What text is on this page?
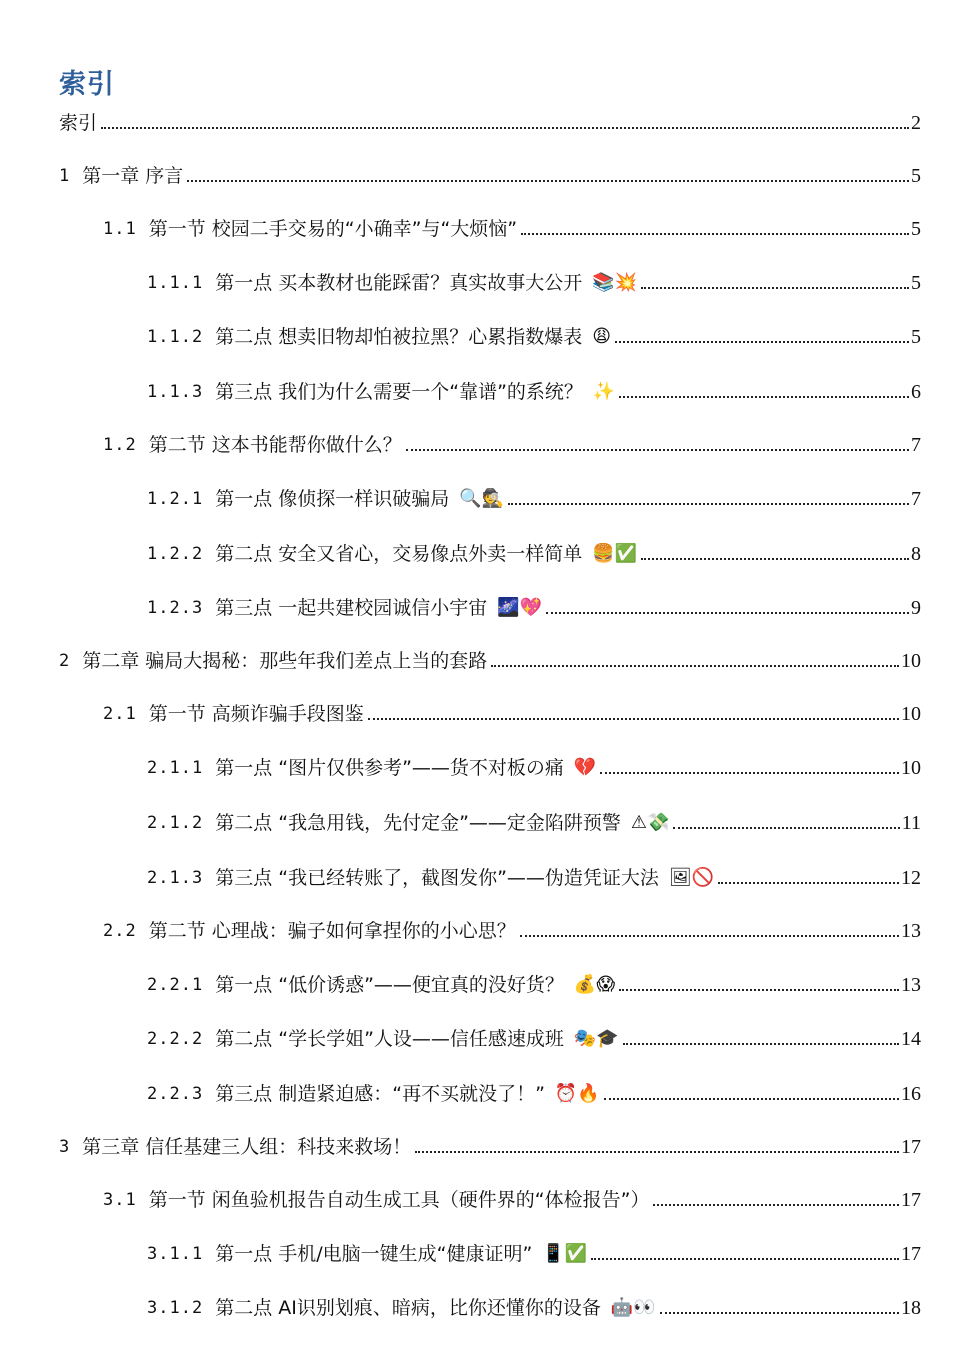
索引
索引	2
1 第一章 序言	5
1.1 第一节 校园二手交易的“小确幸”与“大烦恼”	5
1.1.1 第一点 买本教材也能踩雷？真实故事大公开 📚💥	5
1.1.2 第二点 想卖旧物却怕被拉黑？心累指数爆表 😩	5
1.1.3 第三点 我们为什么需要一个“靠谱”的系统？ ✨	6
1.2 第二节 这本书能帮你做什么？	7
1.2.1 第一点 像侦探一样识破骗局 🔍🕵	7
1.2.2 第二点 安全又省心，交易像点外卖一样简单 🍔✅	8
1.2.3 第三点 一起共建校园诚信小宇宙 🌌💖	9
2 第二章 骗局大揭秘：那些年我们差点上当的套路	10
2.1 第一节 高频诈骗手段图鉴	10
2.1.1 第一点 “图片仅供参考”——货不对板の痛 💔	10
2.1.2 第二点 “我急用钱，先付定金”——定金陷阱预警 ⚠💸	11
2.1.3 第三点 “我已经转账了，截图发你”——伪造凭证大法 🖼🚫	12
2.2 第二节 心理战：骗子如何拿捏你的小心思？	13
2.2.1 第一点 “低价诱惑”——便宜真的没好货？ 💰😱	13
2.2.2 第二点 “学长学姐”人设——信任感速成班 🎭🎓	14
2.2.3 第三点 制造紧迫感：“再不买就没了！” ⏰🔥	16
3 第三章 信任基建三人组：科技来救场！	17
3.1 第一节 闲鱼验机报告自动生成工具（硬件界的“体检报告”）	17
3.1.1 第一点 手机/电脑一键生成“健康证明” 📱✅	17
3.1.2 第二点 AI识别划痕、暗病，比你还懂你的设备 🤖👀	18
